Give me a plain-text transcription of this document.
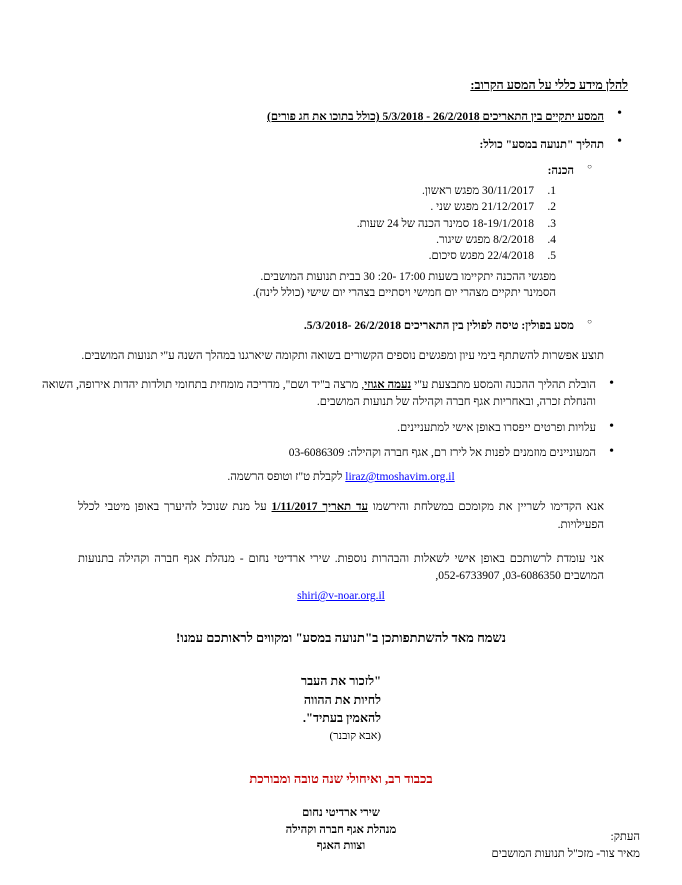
להלן מידע כללי על המסע הקרוב:
• המסע יתקיים בין התאריכים 26/2/2018 - 5/3/2018 (כולל בתוכו את חג פורים)
• תהליך "תנועה במסע" כולל:
○ הכנה:
1.
30/11/2017 מפגש ראשון.
2.
21/12/2017 מפגש שני .
3.
18-19/1/2018 סמינר הכנה של 24 שעות.
4.
8/2/2018 מפגש שיגור.
5.
22/4/2018 מפגש סיכום.
מפגשי ההכנה יתקיימו בשעות 17:00 -20: 30 בבית תנועות המושבים.
הסמינר יתקיים מצהרי יום חמישי ויסתיים בצהרי יום שישי (כולל לינה).
○ מסע בפולין: טיסה לפולין בין התאריכים 26/2/2018 -5/3/2018.
תוצע אפשרות להשתתף בימי עיון ומפגשים נוספים הקשורים בשואה ותקומה שיארגנו במהלך השנה ע"י תנועות המושבים.
• הובלת תהליך ההכנה והמסע מתבצעת ע"י נעמה אגוזי, מרצה ב"יד ושם", מדריכה מומחית בתחומי תולדות יהדות אירופה, השואה והנחלת זכרה, ובאחריות אגף חברה וקהילה של תנועות המושבים.
• עלויות ופרטים ייפסרו באופן אישי למתעניינים.
• המעוניינים מוזמנים לפנות אל לירז רם, אגף חברה וקהילה: 03-6086309
liraz@tmoshavim.org.il לקבלת ט"ז וטופס הרשמה.
אנא הקדימו לשריין את מקומכם במשלחת והירשמו עד תאריך 1/11/2017 על מנת שנוכל להיערך באופן מיטבי לכלל הפעילויות.
אני עומדת לרשותכם באופן אישי לשאלות והבהרות נוספות. שירי ארדיטי נחום - מנהלת אגף חברה וקהילה בתנועות המושבים 03-6086350, 052-6733907,
shiri@v-noar.org.il
נשמח מאד להשתתפותכן ב"תנועה במסע" ומקווים לראותכם עמנו!
"לזכור את העבר
לחיות את ההווה
להאמין בעתיד".
(אבא קובנר)
בכבוד רב, ואיחולי שנה טובה ומבורכת
שירי ארדיטי נחום
מנהלת אגף חברה וקהילה
וצוות האגף
העתק:
מאיר צור- מזכ"ל תנועות המושבים
